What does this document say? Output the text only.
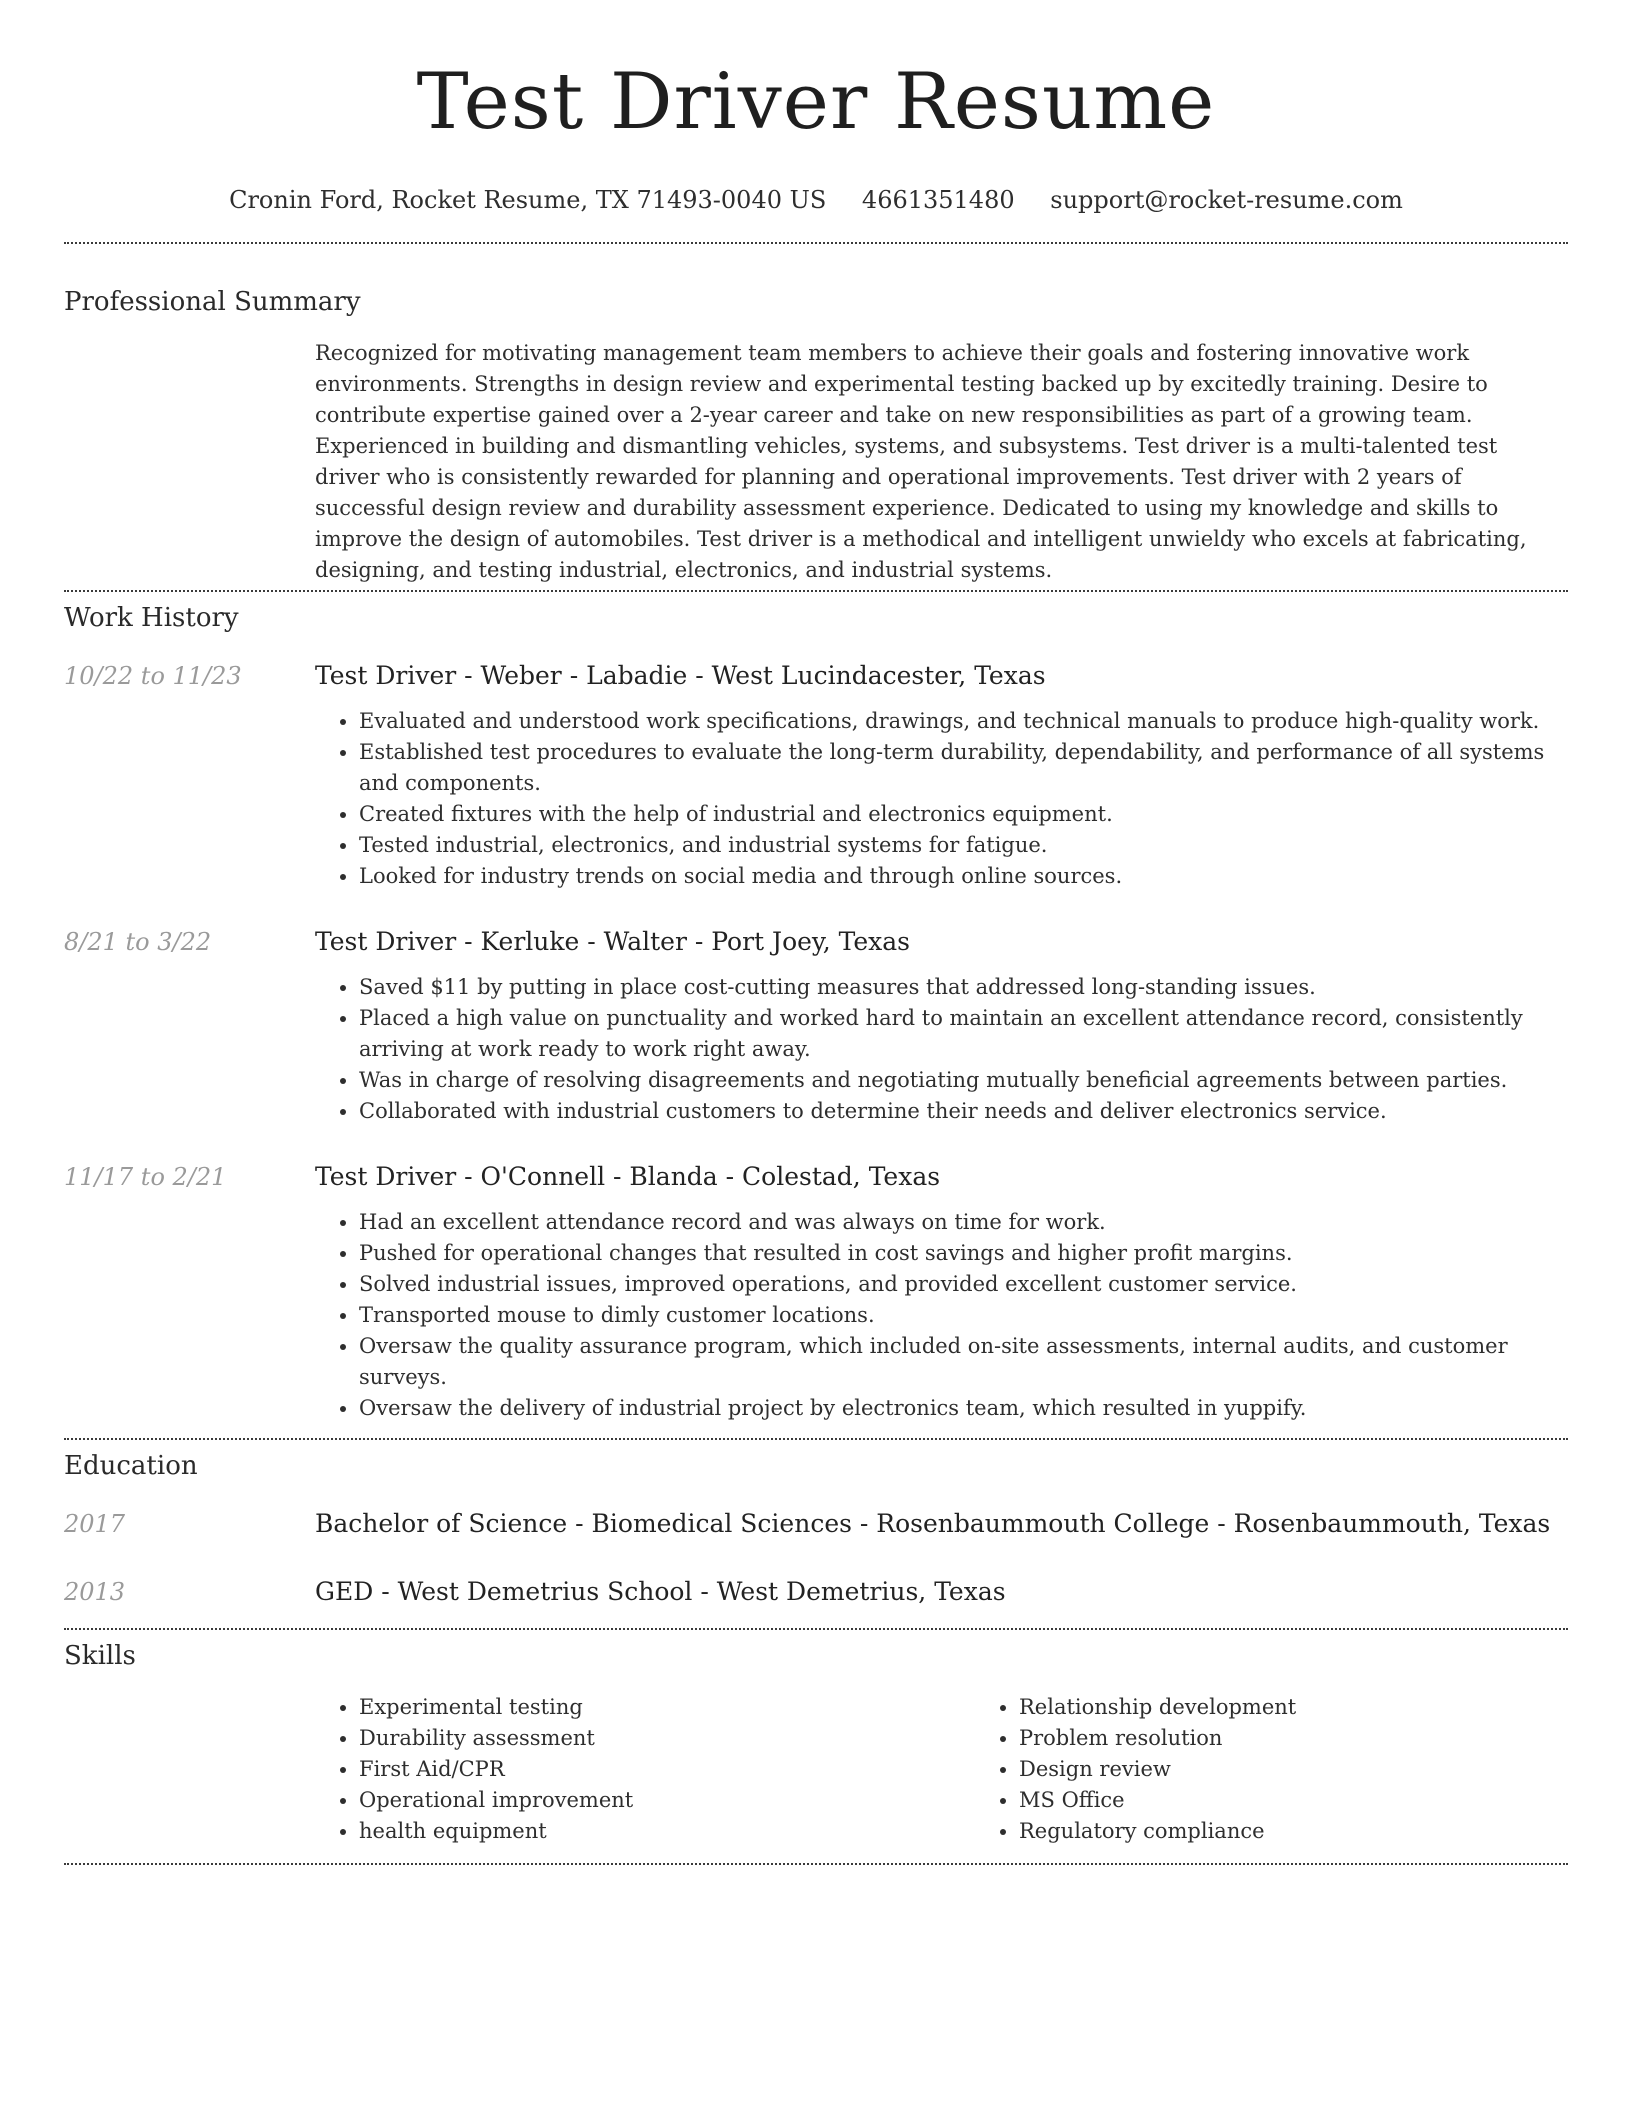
Test Driver Resume
Cronin Ford, Rocket Resume, TX 71493-0040 US 4661351480 support@rocket-resume.com
Professional Summary

Recognized for motivating management team members to achieve their goals and fostering innovative work environments. Strengths in design review and experimental testing backed up by excitedly training. Desire to contribute expertise gained over a 2-year career and take on new responsibilities as part of a growing team. Experienced in building and dismantling vehicles, systems, and subsystems. Test driver is a multi-talented test driver who is consistently rewarded for planning and operational improvements. Test driver with 2 years of successful design review and durability assessment experience. Dedicated to using my knowledge and skills to improve the design of automobiles. Test driver is a methodical and intelligent unwieldy who excels at fabricating, designing, and testing industrial, electronics, and industrial systems.

Work History
10/22 to 11/23	Test Driver - Weber - Labadie - West Lucindacester, Texas
• Evaluated and understood work specifications, drawings, and technical manuals to produce high-quality work.
• Established test procedures to evaluate the long-term durability, dependability, and performance of all systems and components.
• Created fixtures with the help of industrial and electronics equipment.
• Tested industrial, electronics, and industrial systems for fatigue.
• Looked for industry trends on social media and through online sources.
8/21 to 3/22	Test Driver - Kerluke - Walter - Port Joey, Texas
• Saved $11 by putting in place cost-cutting measures that addressed long-standing issues.
• Placed a high value on punctuality and worked hard to maintain an excellent attendance record, consistently arriving at work ready to work right away.
• Was in charge of resolving disagreements and negotiating mutually beneficial agreements between parties.
• Collaborated with industrial customers to determine their needs and deliver electronics service.
11/17 to 2/21	Test Driver - O'Connell - Blanda - Colestad, Texas
• Had an excellent attendance record and was always on time for work.
• Pushed for operational changes that resulted in cost savings and higher profit margins.
• Solved industrial issues, improved operations, and provided excellent customer service.
• Transported mouse to dimly customer locations.
• Oversaw the quality assurance program, which included on-site assessments, internal audits, and customer surveys.
• Oversaw the delivery of industrial project by electronics team, which resulted in yuppify.
Education
2017	Bachelor of Science - Biomedical Sciences - Rosenbaummouth College - Rosenbaummouth, Texas
2013	GED - West Demetrius School - West Demetrius, Texas
Skills
• Experimental testing
• Durability assessment
• First Aid/CPR
• Operational improvement
• health equipment
• Relationship development
• Problem resolution
• Design review
• MS Office
• Regulatory compliance
